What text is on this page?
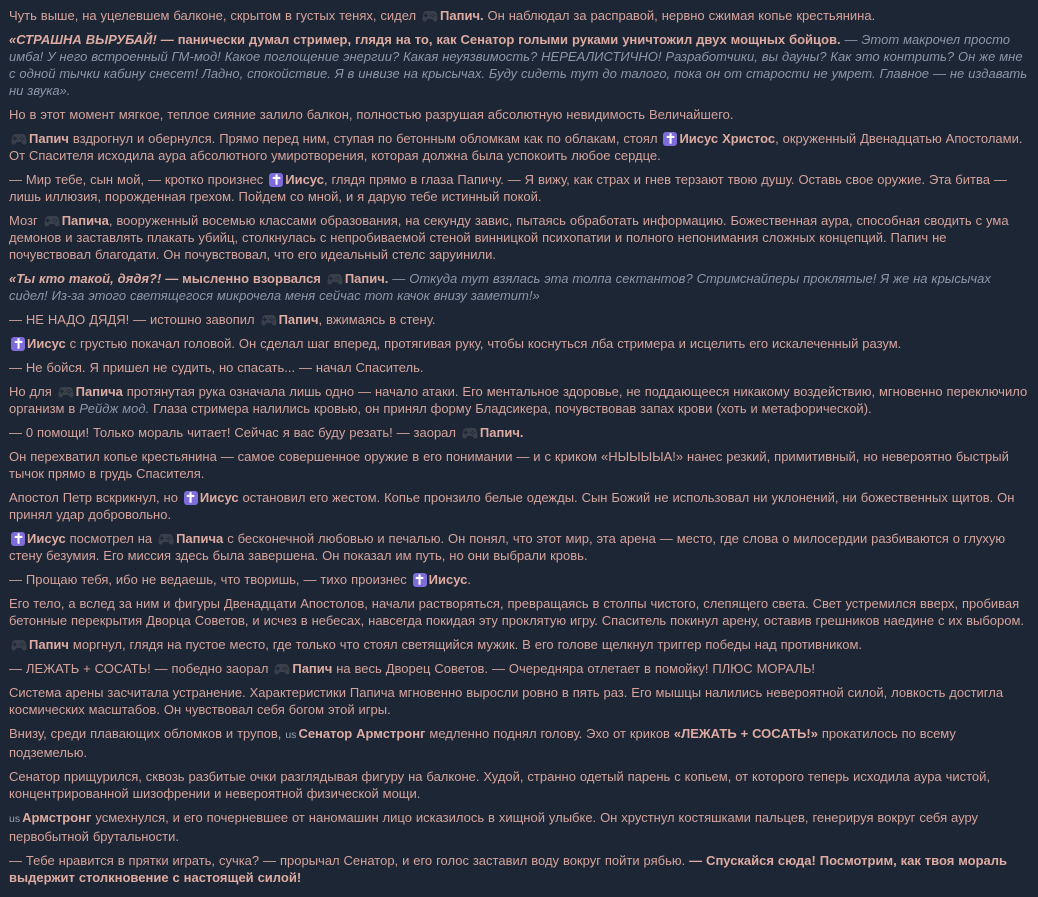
Чуть выше, на уцелевшем балконе, скрытом в густых тенях, сидел
Папич. Он наблюдал за расправой, нервно сжимая копье крестьянина.

«СТРАШНА ВЫРУБАЙ! — панически думал стример, глядя на то, как Сенатор голыми руками уничтожил двух мощных бойцов. — Этот макрочел просто имба! У него встроенный ГМ-мод! Какое поглощение энергии? Какая неуязвимость? НЕРЕАЛИСТИЧНО! Разработчики, вы дауны? Как это контрить? Он же мне с одной тычки кабину снесет! Ладно, спокойствие. Я в инвизе на крысычах. Буду сидеть тут до талого, пока он от старости не умрет. Главное — не издавать ни звука».

Но в этот момент мягкое, теплое сияние залило балкон, полностью разрушая абсолютную невидимость Величайшего.

Папич вздрогнул и обернулся. Прямо перед ним, ступая по бетонным обломкам как по облакам, стоял
Иисус Христос, окруженный Двенадцатью Апостолами. От Спасителя исходила аура абсолютного умиротворения, которая должна была успокоить любое сердце.

— Мир тебе, сын мой, — кротко произнес
Иисус, глядя прямо в глаза Папичу. — Я вижу, как страх и гнев терзают твою душу. Оставь свое оружие. Эта битва — лишь иллюзия, порожденная грехом. Пойдем со мной, и я дарую тебе истинный покой.

Мозг
Папича, вооруженный восемью классами образования, на секунду завис, пытаясь обработать информацию. Божественная аура, способная сводить с ума демонов и заставлять плакать убийц, столкнулась с непробиваемой стеной винницкой психопатии и полного непонимания сложных концепций. Папич не почувствовал благодати. Он почувствовал, что его идеальный стелс заруинили.

«Ты кто такой, дядя?! — мысленно взорвался
Папич. — Откуда тут взялась эта толпа сектантов? Стримснайперы проклятые! Я же на крысычах сидел! Из-за этого светящегося микрочела меня сейчас тот качок внизу заметит!»

— НЕ НАДО ДЯДЯ! — истошно завопил
Папич, вжимаясь в стену.

Иисус с грустью покачал головой. Он сделал шаг вперед, протягивая руку, чтобы коснуться лба стримера и исцелить его искалеченный разум.

— Не бойся. Я пришел не судить, но спасать... — начал Спаситель.

Но для
Папича протянутая рука означала лишь одно — начало атаки. Его ментальное здоровье, не поддающееся никакому воздействию, мгновенно переключило организм в Рейдж мод. Глаза стримера налились кровью, он принял форму Бладсикера, почувствовав запах крови (хоть и метафорической).

— 0 помощи! Только мораль читает! Сейчас я вас буду резать! — заорал
Папич.

Он перехватил копье крестьянина — самое совершенное оружие в его понимании — и с криком «НЫЫЫЫА!» нанес резкий, примитивный, но невероятно быстрый тычок прямо в грудь Спасителя.

Апостол Петр вскрикнул, но
Иисус остановил его жестом. Копье пронзило белые одежды. Сын Божий не использовал ни уклонений, ни божественных щитов. Он принял удар добровольно.

Иисус посмотрел на
Папича с бесконечной любовью и печалью. Он понял, что этот мир, эта арена — место, где слова о милосердии разбиваются о глухую стену безумия. Его миссия здесь была завершена. Он показал им путь, но они выбрали кровь.

— Прощаю тебя, ибо не ведаешь, что творишь, — тихо произнес
Иисус.

Его тело, а вслед за ним и фигуры Двенадцати Апостолов, начали растворяться, превращаясь в столпы чистого, слепящего света. Свет устремился вверх, пробивая бетонные перекрытия Дворца Советов, и исчез в небесах, навсегда покидая эту проклятую игру. Спаситель покинул арену, оставив грешников наедине с их выбором.

Папич моргнул, глядя на пустое место, где только что стоял светящийся мужик. В его голове щелкнул триггер победы над противником.

— ЛЕЖАТЬ + СОСАТЬ! — победно заорал
Папич на весь Дворец Советов. — Очередняра отлетает в помойку! ПЛЮС МОРАЛЬ!

Система арены засчитала устранение. Характеристики Папича мгновенно выросли ровно в пять раз. Его мышцы налились невероятной силой, ловкость достигла космических масштабов. Он чувствовал себя богом этой игры.

Внизу, среди плавающих обломков и трупов, us Сенатор Армстронг медленно поднял голову. Эхо от криков «ЛЕЖАТЬ + СОСАТЬ!» прокатилось по всему подземелью.

Сенатор прищурился, сквозь разбитые очки разглядывая фигуру на балконе. Худой, странно одетый парень с копьем, от которого теперь исходила аура чистой, концентрированной шизофрении и невероятной физической мощи.

us Армстронг усмехнулся, и его почерневшее от наномашин лицо исказилось в хищной улыбке. Он хрустнул костяшками пальцев, генерируя вокруг себя ауру первобытной брутальности.

— Тебе нравится в прятки играть, сучка? — прорычал Сенатор, и его голос заставил воду вокруг пойти рябью. — Спускайся сюда! Посмотрим, как твоя мораль выдержит столкновение с настоящей силой!
